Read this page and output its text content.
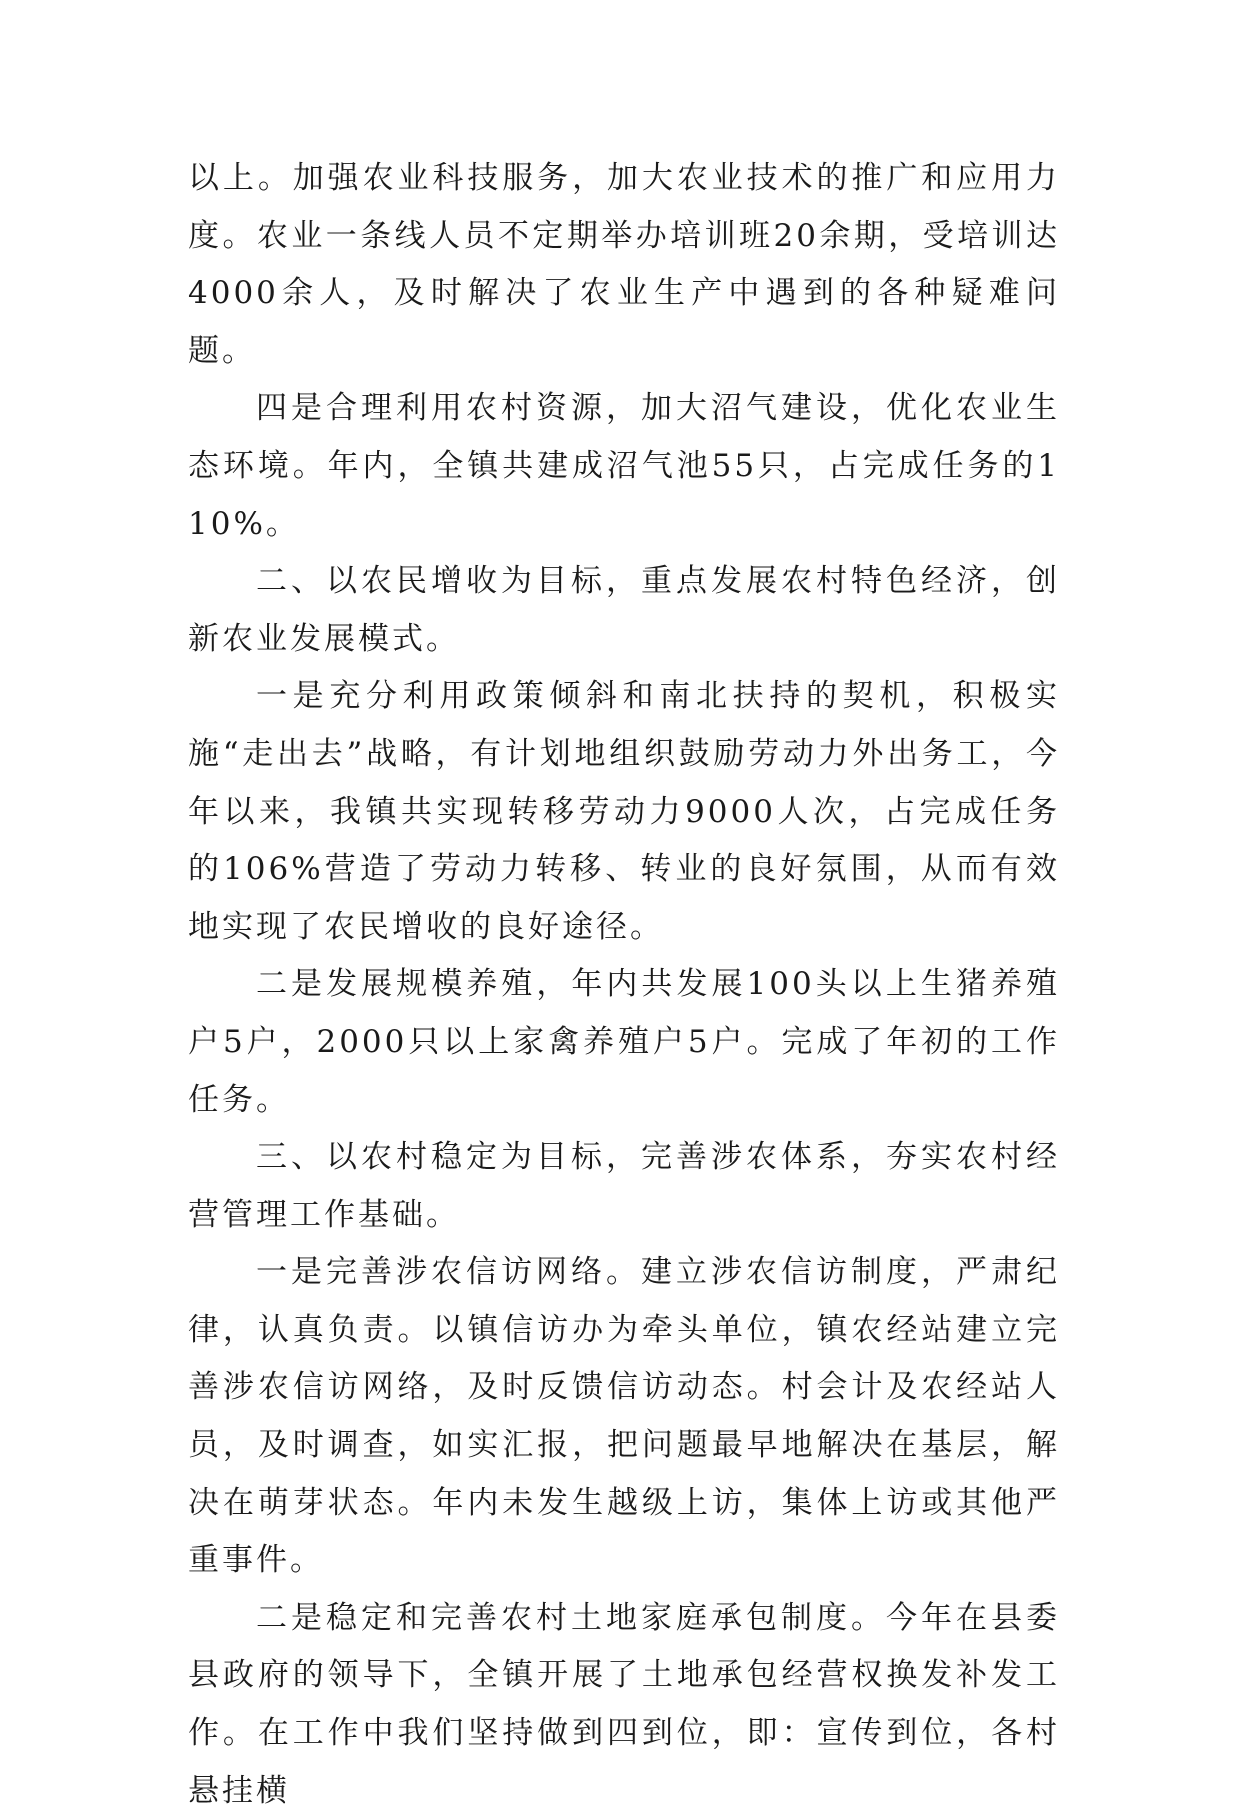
以上。加强农业科技服务，加大农业技术的推广和应用力度。农业一条线人员不定期举办培训班20余期，受培训达4000余人，及时解决了农业生产中遇到的各种疑难问题。

四是合理利用农村资源，加大沼气建设，优化农业生态环境。年内，全镇共建成沼气池55只，占完成任务的110%。

二、以农民增收为目标，重点发展农村特色经济，创新农业发展模式。

一是充分利用政策倾斜和南北扶持的契机，积极实施“走出去”战略，有计划地组织鼓励劳动力外出务工，今年以来，我镇共实现转移劳动力9000人次，占完成任务的106%营造了劳动力转移、转业的良好氛围，从而有效地实现了农民增收的良好途径。

二是发展规模养殖，年内共发展100头以上生猪养殖户5户，2000只以上家禽养殖户5户。完成了年初的工作任务。

三、以农村稳定为目标，完善涉农体系，夯实农村经营管理工作基础。

一是完善涉农信访网络。建立涉农信访制度，严肃纪律，认真负责。以镇信访办为牵头单位，镇农经站建立完善涉农信访网络，及时反馈信访动态。村会计及农经站人员，及时调查，如实汇报，把问题最早地解决在基层，解决在萌芽状态。年内未发生越级上访，集体上访或其他严重事件。

二是稳定和完善农村土地家庭承包制度。今年在县委县政府的领导下，全镇开展了土地承包经营权换发补发工作。在工作中我们坚持做到四到位，即：宣传到位，各村悬挂横
